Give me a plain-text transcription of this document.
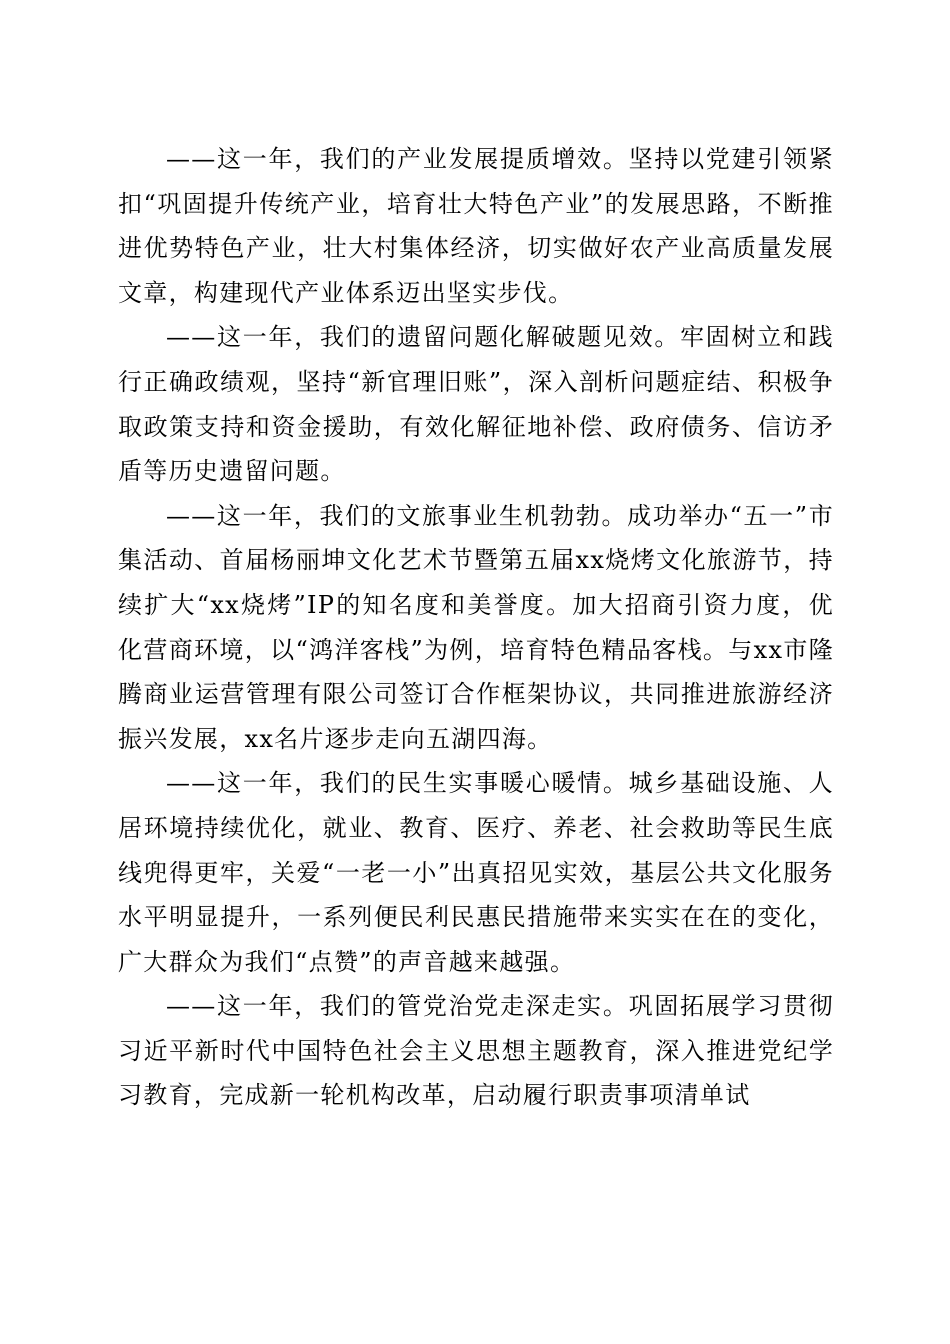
——这一年，我们的产业发展提质增效。坚持以党建引领紧扣“巩固提升传统产业，培育壮大特色产业”的发展思路，不断推进优势特色产业，壮大村集体经济，切实做好农产业高质量发展文章，构建现代产业体系迈出坚实步伐。

——这一年，我们的遗留问题化解破题见效。牢固树立和践行正确政绩观，坚持“新官理旧账”，深入剖析问题症结、积极争取政策支持和资金援助，有效化解征地补偿、政府债务、信访矛盾等历史遗留问题。

——这一年，我们的文旅事业生机勃勃。成功举办“五一”市集活动、首届杨丽坤文化艺术节暨第五届xx烧烤文化旅游节，持续扩大“xx烧烤”IP的知名度和美誉度。加大招商引资力度，优化营商环境，以“鸿洋客栈”为例，培育特色精品客栈。与xx市隆腾商业运营管理有限公司签订合作框架协议，共同推进旅游经济振兴发展，xx名片逐步走向五湖四海。

——这一年，我们的民生实事暖心暖情。城乡基础设施、人居环境持续优化，就业、教育、医疗、养老、社会救助等民生底线兜得更牢，关爱“一老一小”出真招见实效，基层公共文化服务水平明显提升，一系列便民利民惠民措施带来实实在在的变化，广大群众为我们“点赞”的声音越来越强。

——这一年，我们的管党治党走深走实。巩固拓展学习贯彻习近平新时代中国特色社会主义思想主题教育，深入推进党纪学习教育，完成新一轮机构改革，启动履行职责事项清单试
